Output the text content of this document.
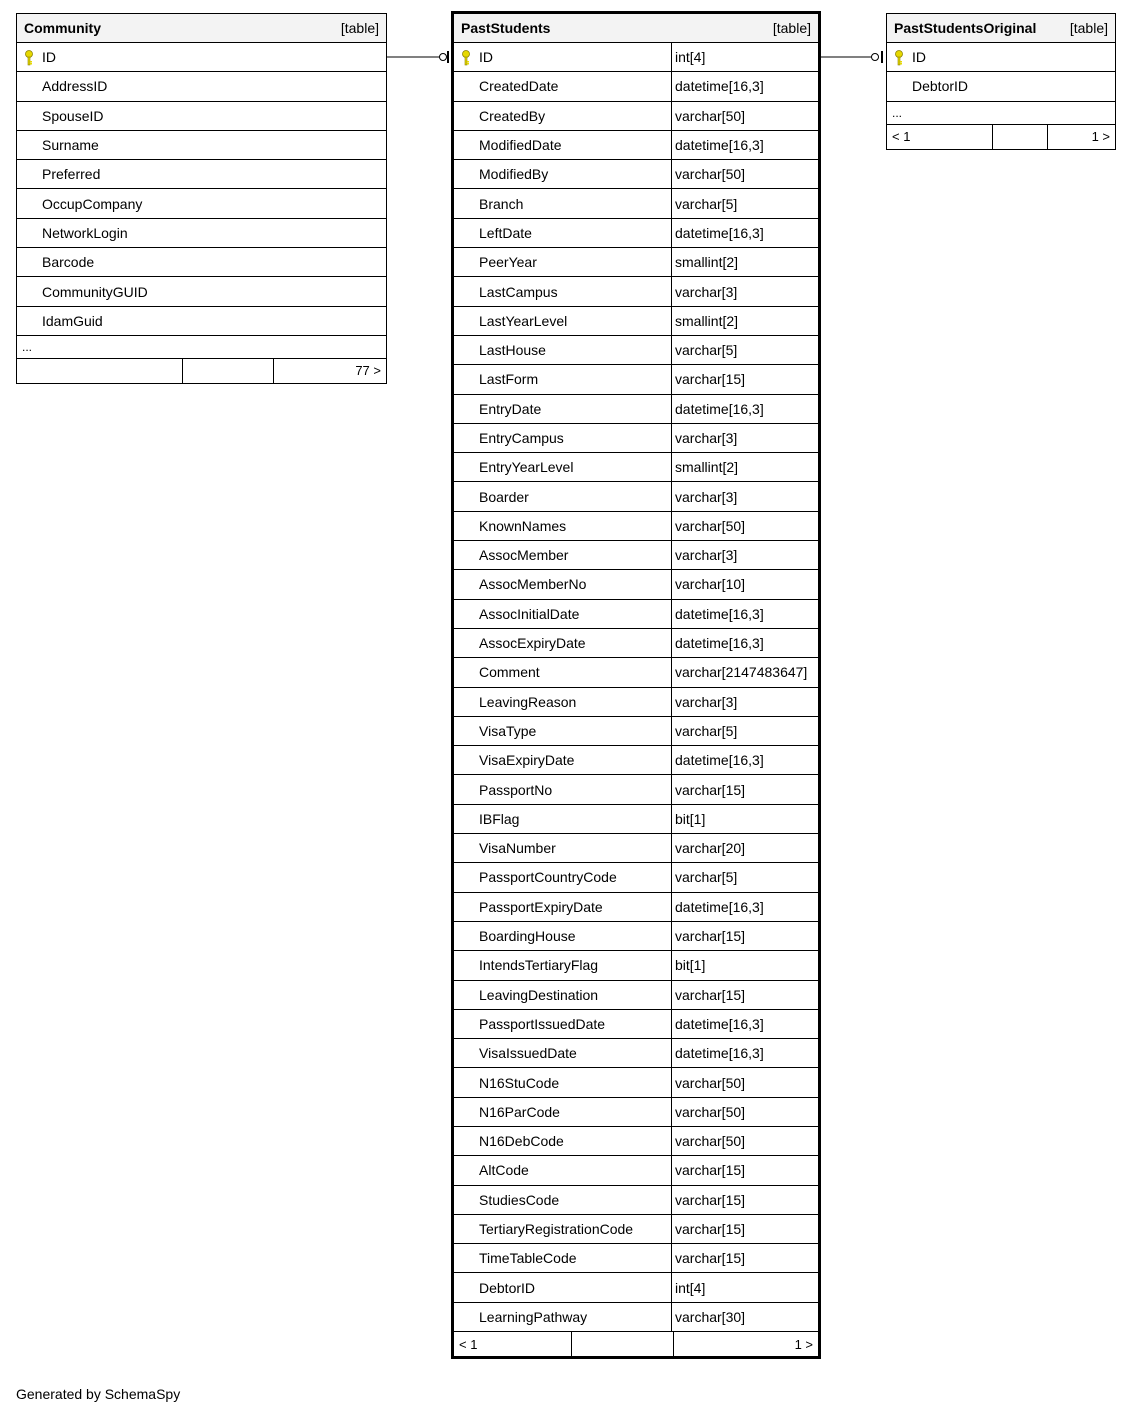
Community	[table]
ID
AddressID
SpouseID
Surname
Preferred
OccupCompany
NetworkLogin
Barcode
CommunityGUID
IdamGuid
...
77 >
PastStudents	[table]
ID	int[4]
CreatedDate	datetime[16,3]
CreatedBy	varchar[50]
ModifiedDate	datetime[16,3]
ModifiedBy	varchar[50]
Branch	varchar[5]
LeftDate	datetime[16,3]
PeerYear	smallint[2]
LastCampus	varchar[3]
LastYearLevel	smallint[2]
LastHouse	varchar[5]
LastForm	varchar[15]
EntryDate	datetime[16,3]
EntryCampus	varchar[3]
EntryYearLevel	smallint[2]
Boarder	varchar[3]
KnownNames	varchar[50]
AssocMember	varchar[3]
AssocMemberNo	varchar[10]
AssocInitialDate	datetime[16,3]
AssocExpiryDate	datetime[16,3]
Comment	varchar[2147483647]
LeavingReason	varchar[3]
VisaType	varchar[5]
VisaExpiryDate	datetime[16,3]
PassportNo	varchar[15]
IBFlag	bit[1]
VisaNumber	varchar[20]
PassportCountryCode	varchar[5]
PassportExpiryDate	datetime[16,3]
BoardingHouse	varchar[15]
IntendsTertiaryFlag	bit[1]
LeavingDestination	varchar[15]
PassportIssuedDate	datetime[16,3]
VisaIssuedDate	datetime[16,3]
N16StuCode	varchar[50]
N16ParCode	varchar[50]
N16DebCode	varchar[50]
AltCode	varchar[15]
StudiesCode	varchar[15]
TertiaryRegistrationCode	varchar[15]
TimeTableCode	varchar[15]
DebtorID	int[4]
LearningPathway	varchar[30]
< 1	1 >
PastStudentsOriginal [table]
ID
DebtorID
...
< 1	1 >
Generated by SchemaSpy
